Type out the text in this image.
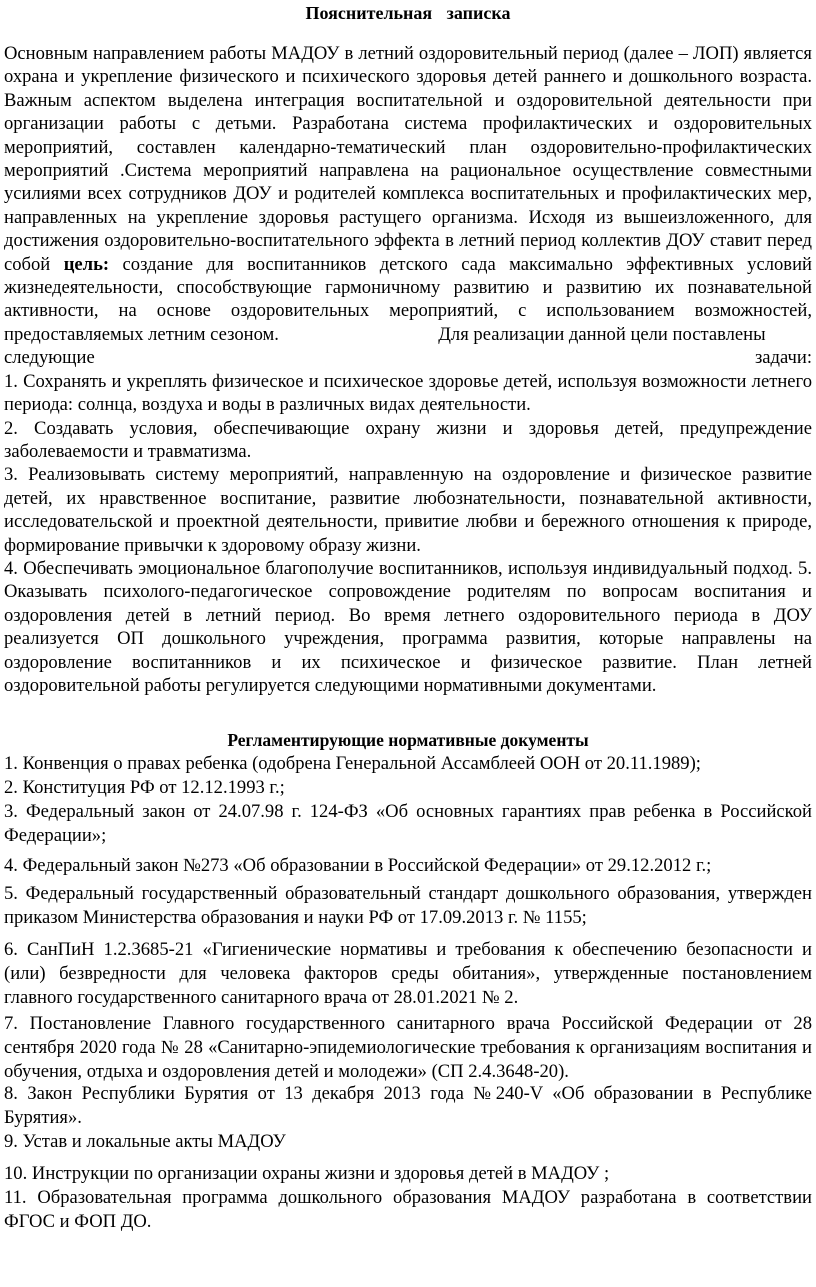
Пояснительная записка
Основным направлением работы МАДОУ в летний оздоровительный период (далее – ЛОП) является охрана и укрепление физического и психического здоровья детей раннего и дошкольного возраста. Важным аспектом выделена интеграция воспитательной и оздоровительной деятельности при организации работы с детьми. Разработана система профилактических и оздоровительных мероприятий, составлен календарно-тематический план оздоровительно-профилактических мероприятий .Система мероприятий направлена на рациональное осуществление совместными усилиями всех сотрудников ДОУ и родителей комплекса воспитательных и профилактических мер, направленных на укрепление здоровья растущего организма. Исходя из вышеизложенного, для достижения оздоровительно-воспитательного эффекта в летний период коллектив ДОУ ставит перед собой цель: создание для воспитанников детского сада максимально эффективных условий жизнедеятельности, способствующие гармоничному развитию и развитию их познавательной активности, на основе оздоровительных мероприятий, с использованием возможностей, предоставляемых летним сезоном.	Для реализации данной цели поставлены
следующие	задачи:
1. Сохранять и укреплять физическое и психическое здоровье детей, используя возможности летнего периода: солнца, воздуха и воды в различных видах деятельности.
2. Создавать условия, обеспечивающие охрану жизни и здоровья детей, предупреждение заболеваемости и травматизма.
3. Реализовывать систему мероприятий, направленную на оздоровление и физическое развитие детей, их нравственное воспитание, развитие любознательности, познавательной активности, исследовательской и проектной деятельности, привитие любви и бережного отношения к природе, формирование привычки к здоровому образу жизни.
4. Обеспечивать эмоциональное благополучие воспитанников, используя индивидуальный подход. 5. Оказывать психолого-педагогическое сопровождение родителям по вопросам воспитания и оздоровления детей в летний период. Во время летнего оздоровительного периода в ДОУ реализуется ОП дошкольного учреждения, программа развития, которые направлены на оздоровление воспитанников и их психическое и физическое развитие. План летней оздоровительной работы регулируется следующими нормативными документами.
Регламентирующие нормативные документы
1. Конвенция о правах ребенка (одобрена Генеральной Ассамблеей ООН от 20.11.1989);
2. Конституция РФ от 12.12.1993 г.;
3. Федеральный закон от 24.07.98 г. 124-ФЗ «Об основных гарантиях прав ребенка в Российской Федерации»;
4. Федеральный закон №273 «Об образовании в Российской Федерации» от 29.12.2012 г.;
5. Федеральный государственный образовательный стандарт дошкольного образования, утвержден приказом Министерства образования и науки РФ от 17.09.2013 г. № 1155;
6. СанПиН 1.2.3685-21 «Гигиенические нормативы и требования к обеспечению безопасности и (или) безвредности для человека факторов среды обитания», утвержденные постановлением главного государственного санитарного врача от 28.01.2021 № 2.
7. Постановление Главного государственного санитарного врача Российской Федерации от 28 сентября 2020 года № 28 «Санитарно-эпидемиологические требования к организациям воспитания и обучения, отдыха и оздоровления детей и молодежи» (СП 2.4.3648-20).
8. Закон Республики Бурятия от 13 декабря 2013 года №240-V «Об образовании в Республике Бурятия».
9. Устав и локальные акты МАДОУ
10. Инструкции по организации охраны жизни и здоровья детей в МАДОУ ;
11. Образовательная программа дошкольного образования МАДОУ разработана в соответствии ФГОС и ФОП ДО.
